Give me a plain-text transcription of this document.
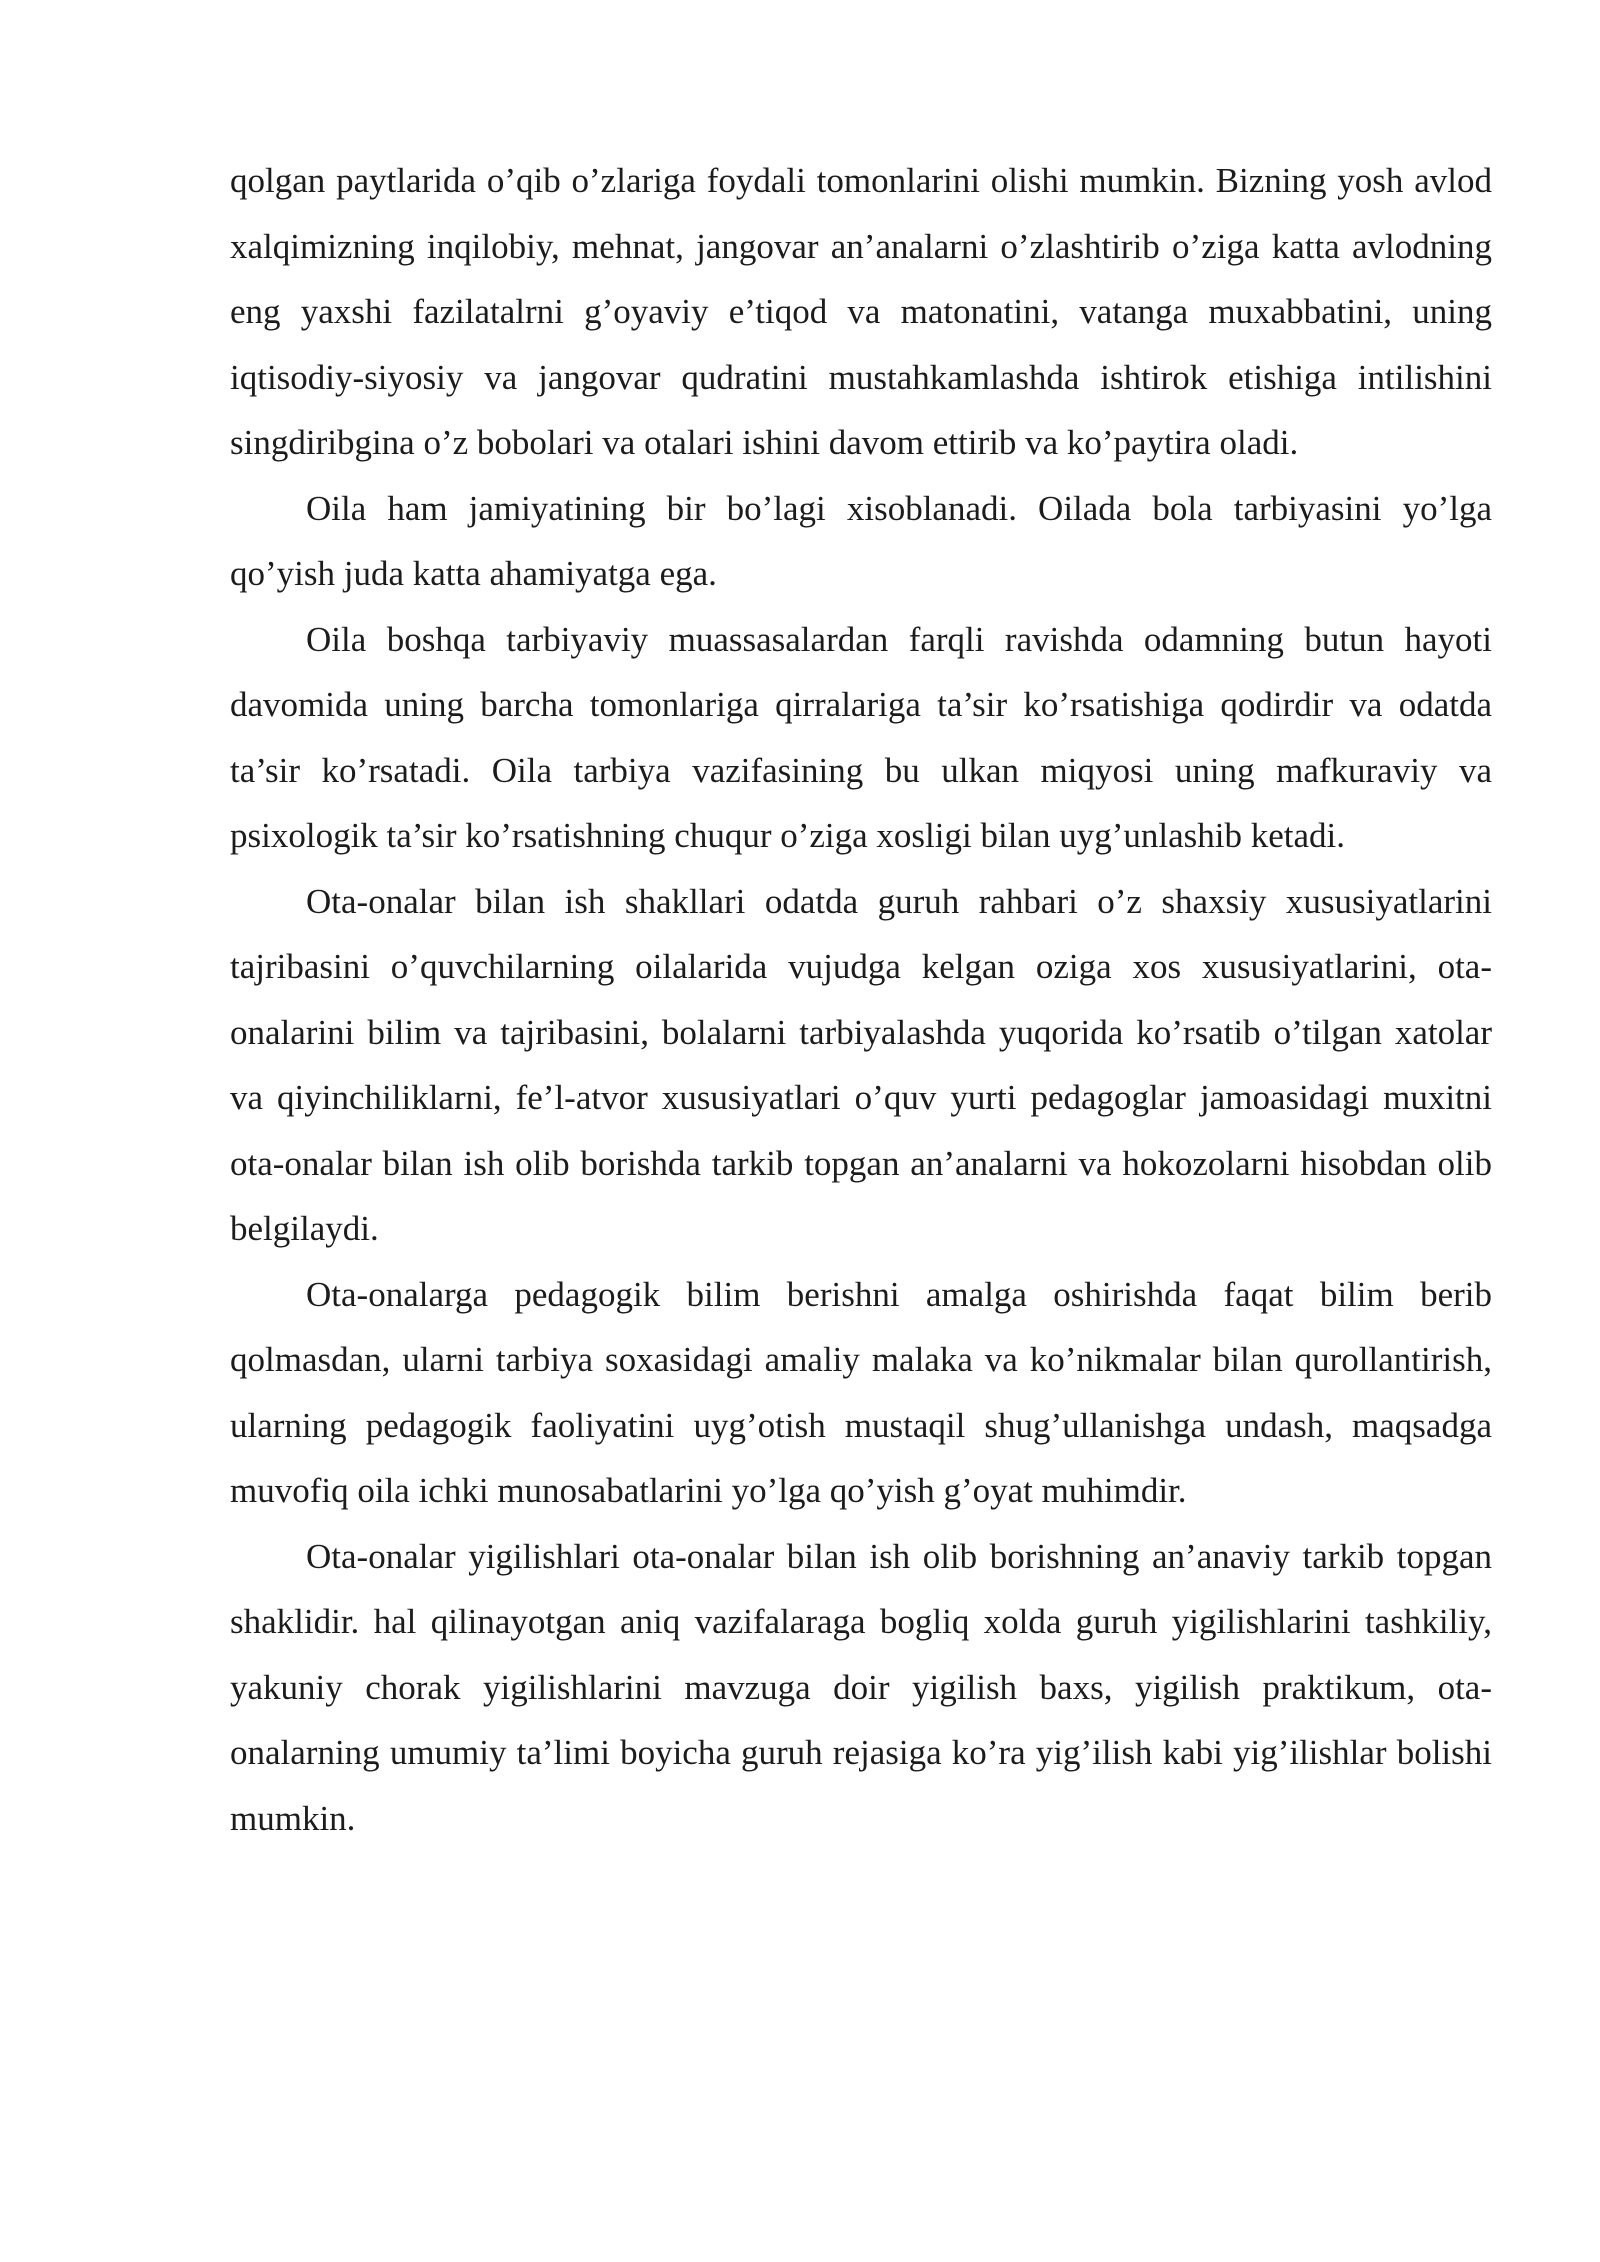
qolgan paytlarida o’qib o’zlariga foydali tomonlarini olishi mumkin. Bizning yosh avlod xalqimizning inqilobiy, mehnat, jangovar an’analarni o’zlashtirib o’ziga katta avlodning eng yaxshi fazilatalrni g’oyaviy e’tiqod va matonatini, vatanga muxabbatini, uning iqtisodiy-siyosiy va jangovar qudratini mustahkamlashda ishtirok etishiga intilishini singdiribgina o’z bobolari va otalari ishini davom ettirib va ko’paytira oladi.

Oila ham jamiyatining bir bo’lagi xisoblanadi. Oilada bola tarbiyasini yo’lga qo’yish juda katta ahamiyatga ega.

Oila boshqa tarbiyaviy muassasalardan farqli ravishda odamning butun hayoti davomida uning barcha tomonlariga qirralariga ta’sir ko’rsatishiga qodirdir va odatda ta’sir ko’rsatadi. Oila tarbiya vazifasining bu ulkan miqyosi uning mafkuraviy va psixologik ta’sir ko’rsatishning chuqur o’ziga xosligi bilan uyg’unlashib ketadi.

Ota-onalar bilan ish shakllari odatda guruh rahbari o’z shaxsiy xususiyatlarini tajribasini o’quvchilarning oilalarida vujudga kelgan oziga xos xususiyatlarini, ota-onalarini bilim va tajribasini, bolalarni tarbiyalashda yuqorida ko’rsatib o’tilgan xatolar va qiyinchiliklarni, fe’l-atvor xususiyatlari o’quv yurti pedagoglar jamoasidagi muxitni ota-onalar bilan ish olib borishda tarkib topgan an’analarni va hokozolarni hisobdan olib belgilaydi.

Ota-onalarga pedagogik bilim berishni amalga oshirishda faqat bilim berib qolmasdan, ularni tarbiya soxasidagi amaliy malaka va ko’nikmalar bilan qurollantirish, ularning pedagogik faoliyatini uyg’otish mustaqil shug’ullanishga undash, maqsadga muvofiq oila ichki munosabatlarini yo’lga qo’yish g’oyat muhimdir.

Ota-onalar yigilishlari ota-onalar bilan ish olib borishning an’anaviy tarkib topgan shaklidir. hal qilinayotgan aniq vazifalaraga bogliq xolda guruh yigilishlarini tashkiliy, yakuniy chorak yigilishlarini mavzuga doir yigilish baxs, yigilish praktikum, ota-onalarning umumiy ta’limi boyicha guruh rejasiga ko’ra yig’ilish kabi yig’ilishlar bolishi mumkin.
